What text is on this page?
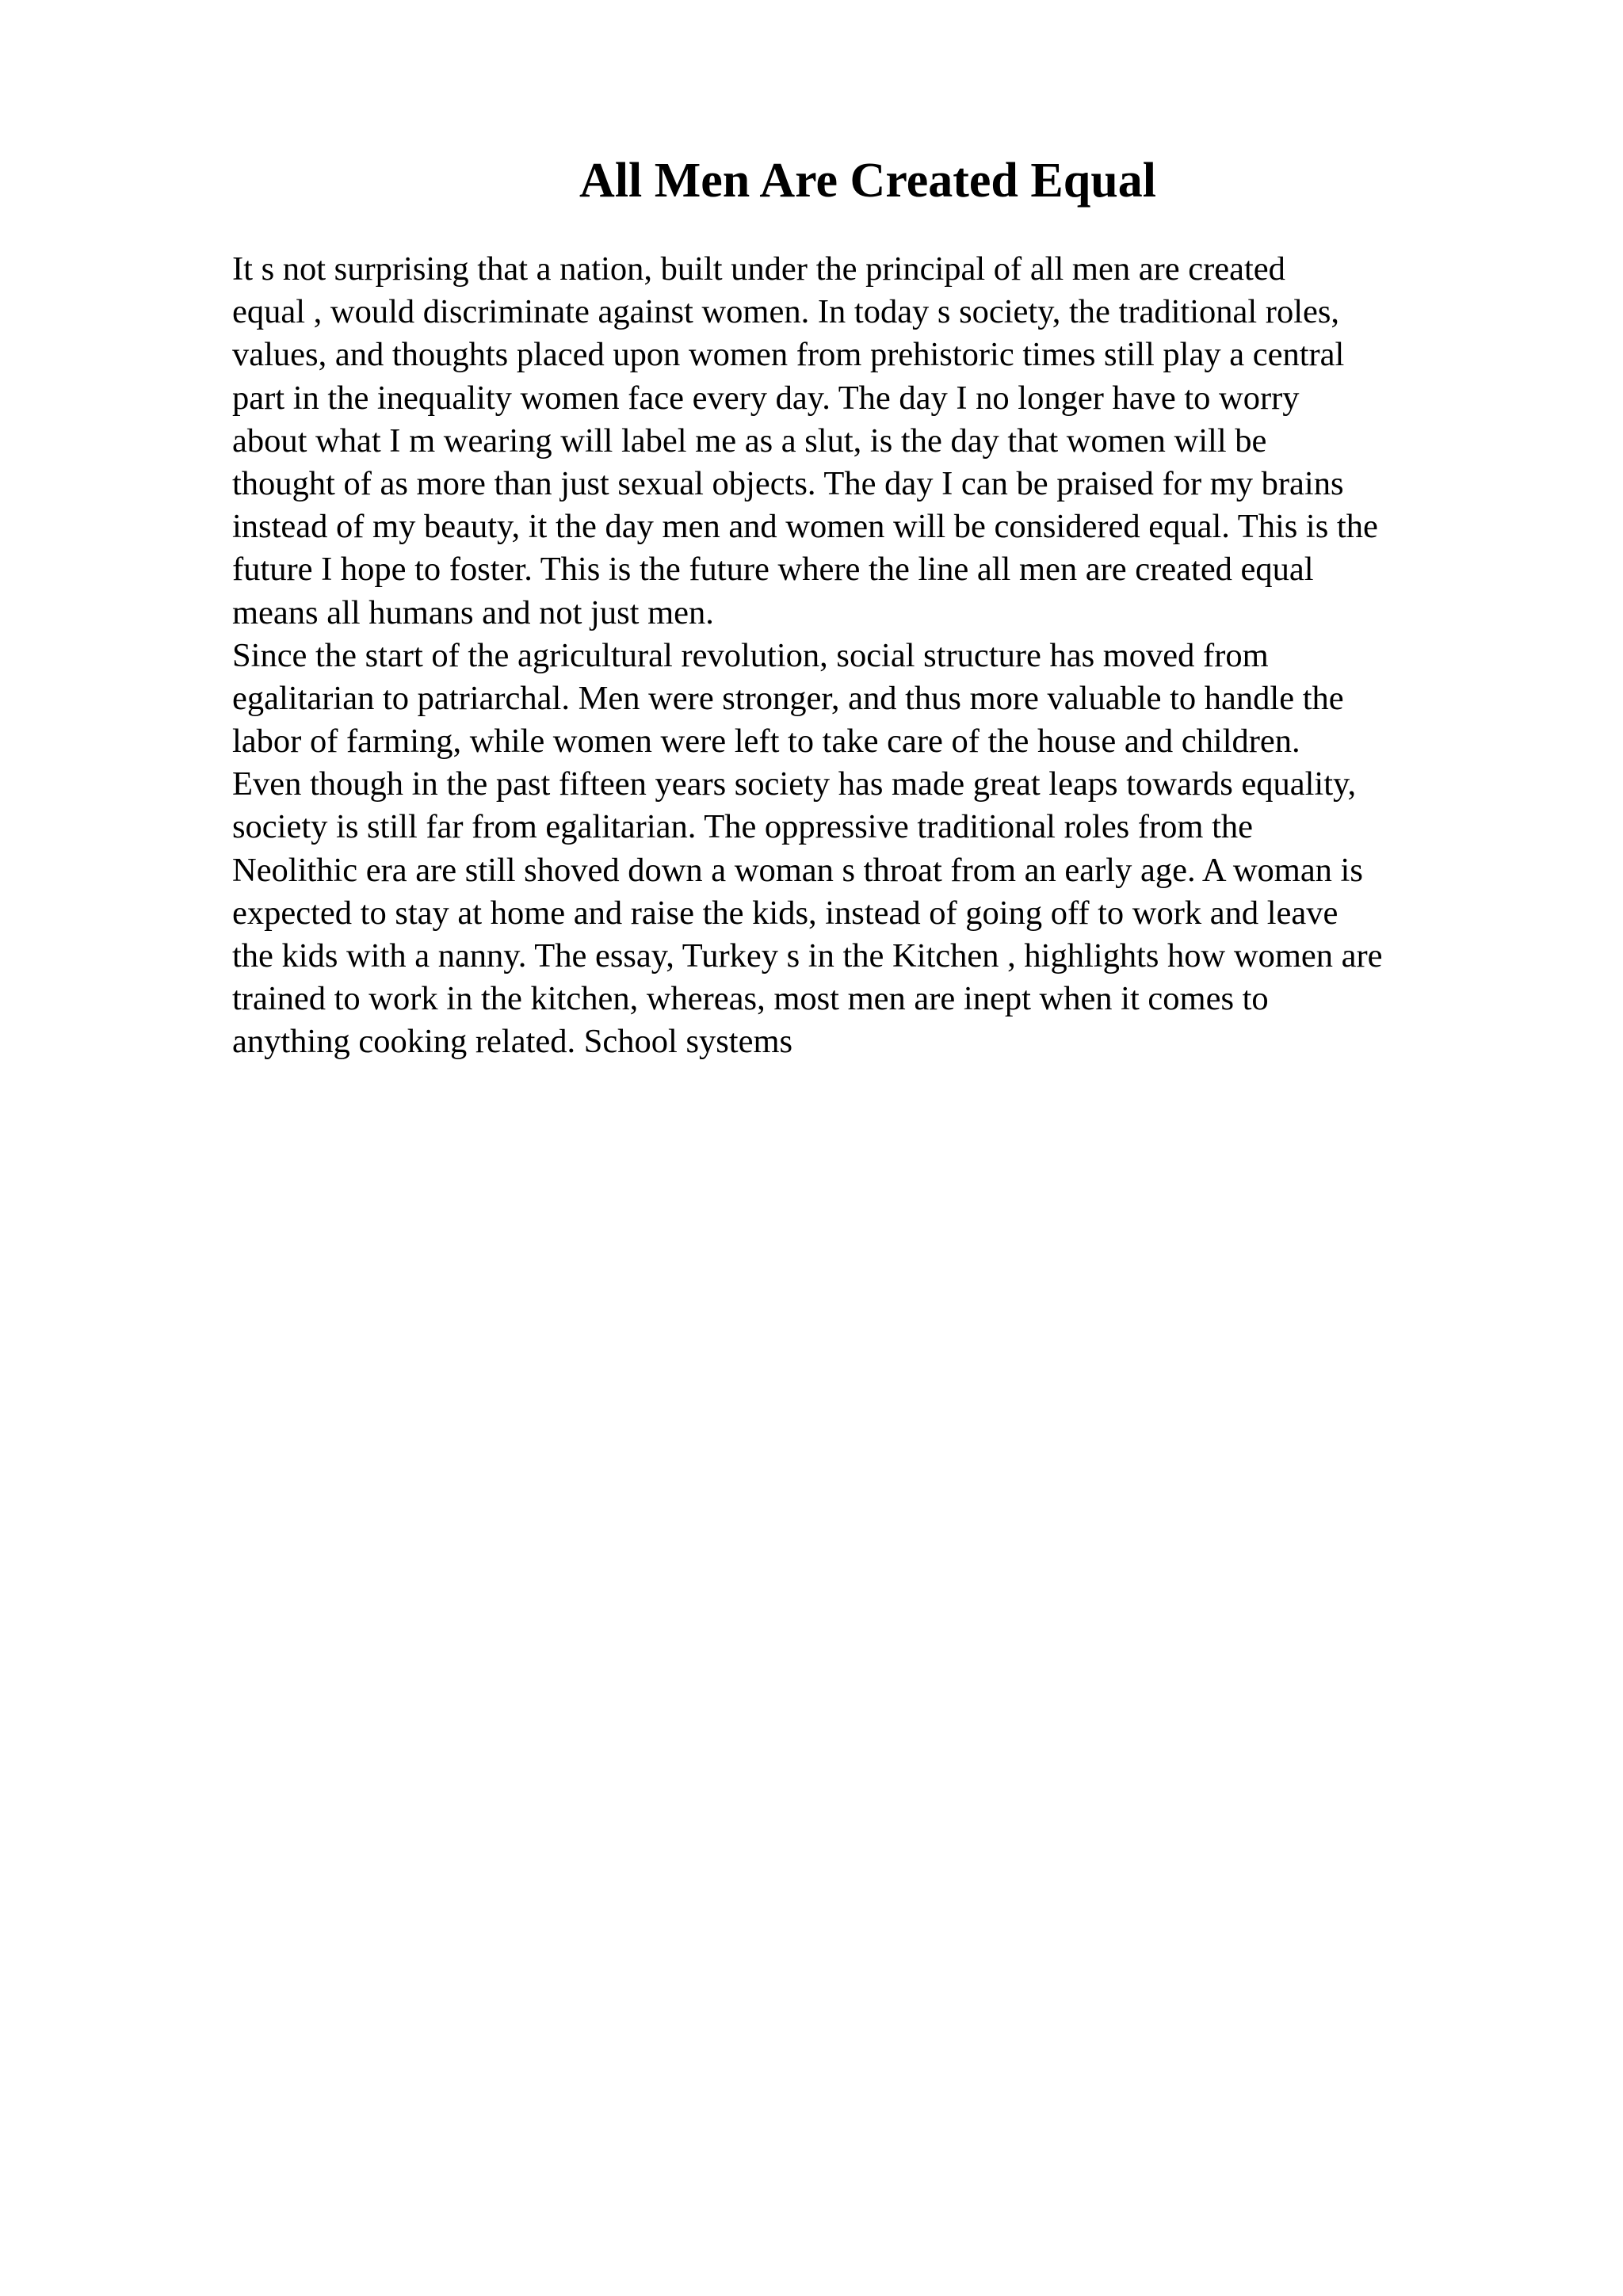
All Men Are Created Equal
It s not surprising that a nation, built under the principal of all men are created
equal , would discriminate against women. In today s society, the traditional roles,
values, and thoughts placed upon women from prehistoric times still play a central
part in the inequality women face every day. The day I no longer have to worry
about what I m wearing will label me as a slut, is the day that women will be
thought of as more than just sexual objects. The day I can be praised for my brains
instead of my beauty, it the day men and women will be considered equal. This is the
future I hope to foster. This is the future where the line all men are created equal
means all humans and not just men.
Since the start of the agricultural revolution, social structure has moved from
egalitarian to patriarchal. Men were stronger, and thus more valuable to handle the
labor of farming, while women were left to take care of the house and children.
Even though in the past fifteen years society has made great leaps towards equality,
society is still far from egalitarian. The oppressive traditional roles from the
Neolithic era are still shoved down a woman s throat from an early age. A woman is
expected to stay at home and raise the kids, instead of going off to work and leave
the kids with a nanny. The essay, Turkey s in the Kitchen , highlights how women are
trained to work in the kitchen, whereas, most men are inept when it comes to
anything cooking related. School systems
